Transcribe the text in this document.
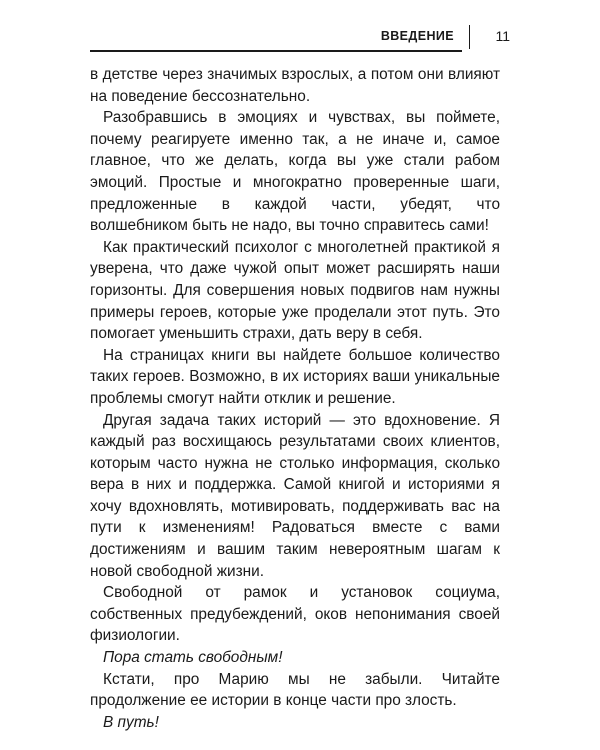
ВВЕДЕНИЕ	11

в детстве через значимых взрослых, а потом они влияют на поведение бессознательно.

Разобравшись в эмоциях и чувствах, вы поймете, почему реагируете именно так, а не иначе и, самое главное, что же делать, когда вы уже стали рабом эмоций. Простые и многократно проверенные шаги, предложенные в каждой части, убедят, что волшебником быть не надо, вы точно справитесь сами!

Как практический психолог с многолетней практикой я уверена, что даже чужой опыт может расширять наши горизонты. Для совершения новых подвигов нам нужны примеры героев, которые уже проделали этот путь. Это помогает уменьшить страхи, дать веру в себя.

На страницах книги вы найдете большое количество таких героев. Возможно, в их историях ваши уникальные проблемы смогут найти отклик и решение.

Другая задача таких историй — это вдохновение. Я каждый раз восхищаюсь результатами своих клиентов, которым часто нужна не столько информация, сколько вера в них и поддержка. Самой книгой и историями я хочу вдохновлять, мотивировать, поддерживать вас на пути к изменениям! Радоваться вместе с вами достижениям и вашим таким невероятным шагам к новой свободной жизни.

Свободной от рамок и установок социума, собственных предубеждений, оков непонимания своей физиологии.

Пора стать свободным!

Кстати, про Марию мы не забыли. Читайте продолжение ее истории в конце части про злость.

В путь!
